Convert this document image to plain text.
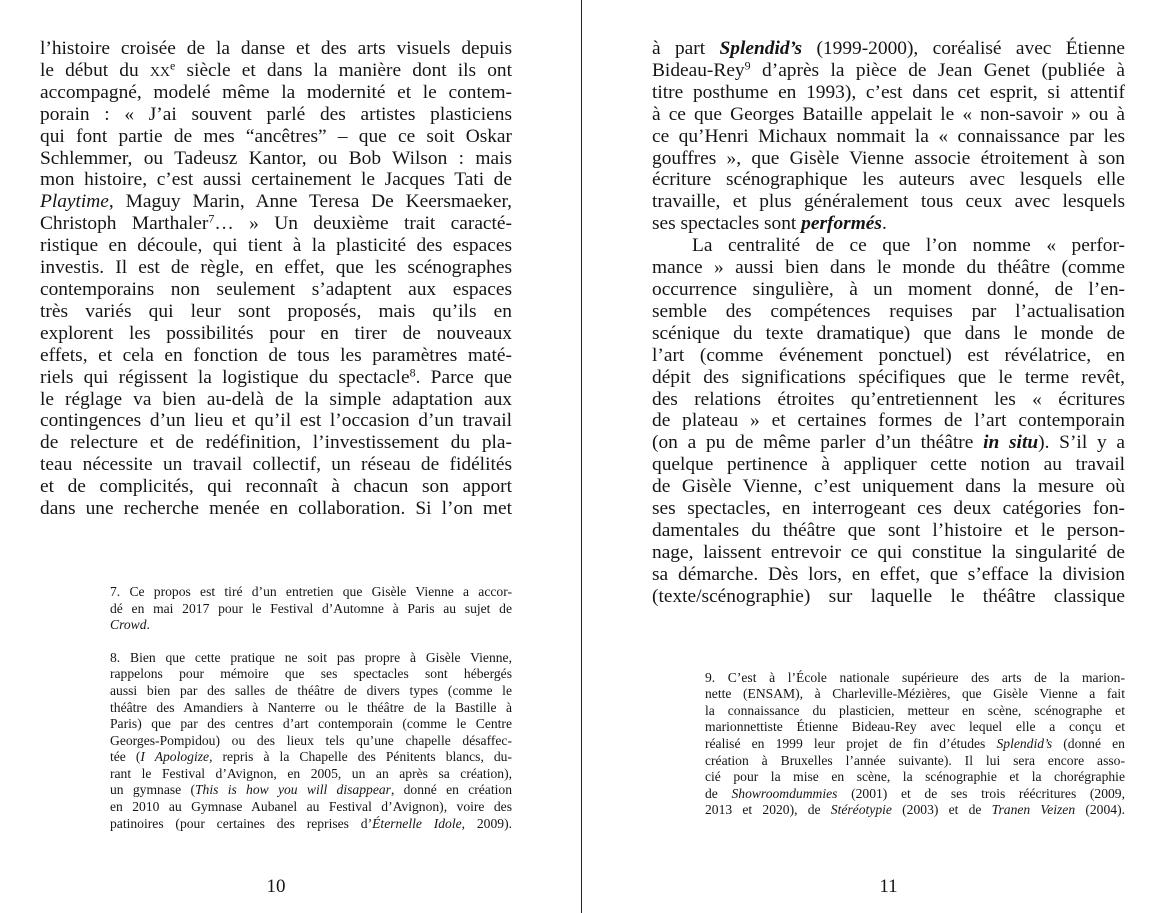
l’histoire croisée de la danse et des arts visuels depuis
le début du $xx^e$ siècle et dans la manière dont ils ont
accompagné, modelé même la modernité et le contem-
porain : « J’ai souvent parlé des artistes plasticiens
qui font partie de mes “ancêtres” – que ce soit Oskar
Schlemmer, ou Tadeusz Kantor, ou Bob Wilson : mais
mon histoire, c’est aussi certainement le Jacques Tati de
Playtime, Maguy Marin, Anne Teresa De Keersmaeker,
Christoph Marthaler$^7$… » Un deuxième trait caracté-
ristique en découle, qui tient à la plasticité des espaces
investis. Il est de règle, en effet, que les scénographes
contemporains non seulement s’adaptent aux espaces
très variés qui leur sont proposés, mais qu’ils en
explorent les possibilités pour en tirer de nouveaux
effets, et cela en fonction de tous les paramètres maté-
riels qui régissent la logistique du spectacle$^8$. Parce que
le réglage va bien au-delà de la simple adaptation aux
contingences d’un lieu et qu’il est l’occasion d’un travail
de relecture et de redéfinition, l’investissement du pla-
teau nécessite un travail collectif, un réseau de fidélités
et de complicités, qui reconnaît à chacun son apport
dans une recherche menée en collaboration. Si l’on met
7. Ce propos est tiré d’un entretien que Gisèle Vienne a accor-
dé en mai 2017 pour le Festival d’Automne à Paris au sujet de
Crowd.
8. Bien que cette pratique ne soit pas propre à Gisèle Vienne,
rappelons pour mémoire que ses spectacles sont hébergés
aussi bien par des salles de théâtre de divers types (comme le
théâtre des Amandiers à Nanterre ou le théâtre de la Bastille à
Paris) que par des centres d’art contemporain (comme le Centre
Georges-Pompidou) ou des lieux tels qu’une chapelle désaffec-
tée (I Apologize, repris à la Chapelle des Pénitents blancs, du-
rant le Festival d’Avignon, en 2005, un an après sa création),
un gymnase (This is how you will disappear, donné en création
en 2010 au Gymnase Aubanel au Festival d’Avignon), voire des
patinoires (pour certaines des reprises d’Éternelle Idole, 2009).
10
à part Splendid’s (1999-2000), coréalisé avec Étienne
Bideau-Rey$^9$ d’après la pièce de Jean Genet (publiée à
titre posthume en 1993), c’est dans cet esprit, si attentif
à ce que Georges Bataille appelait le « non-savoir » ou à
ce qu’Henri Michaux nommait la « connaissance par les
gouffres », que Gisèle Vienne associe étroitement à son
écriture scénographique les auteurs avec lesquels elle
travaille, et plus généralement tous ceux avec lesquels
ses spectacles sont performés.
La centralité de ce que l’on nomme « perfor-
mance » aussi bien dans le monde du théâtre (comme
occurrence singulière, à un moment donné, de l’en-
semble des compétences requises par l’actualisation
scénique du texte dramatique) que dans le monde de
l’art (comme événement ponctuel) est révélatrice, en
dépit des significations spécifiques que le terme revêt,
des relations étroites qu’entretiennent les « écritures
de plateau » et certaines formes de l’art contemporain
(on a pu de même parler d’un théâtre in situ). S’il y a
quelque pertinence à appliquer cette notion au travail
de Gisèle Vienne, c’est uniquement dans la mesure où
ses spectacles, en interrogeant ces deux catégories fon-
damentales du théâtre que sont l’histoire et le person-
nage, laissent entrevoir ce qui constitue la singularité de
sa démarche. Dès lors, en effet, que s’efface la division
(texte/scénographie) sur laquelle le théâtre classique
9. C’est à l’École nationale supérieure des arts de la marion-
nette (ENSAM), à Charleville-Mézières, que Gisèle Vienne a fait
la connaissance du plasticien, metteur en scène, scénographe et
marionnettiste Étienne Bideau-Rey avec lequel elle a conçu et
réalisé en 1999 leur projet de fin d’études Splendid’s (donné en
création à Bruxelles l’année suivante). Il lui sera encore asso-
cié pour la mise en scène, la scénographie et la chorégraphie
de Showroomdummies (2001) et de ses trois réécritures (2009,
2013 et 2020), de Stéréotypie (2003) et de Tranen Veizen (2004).
11
